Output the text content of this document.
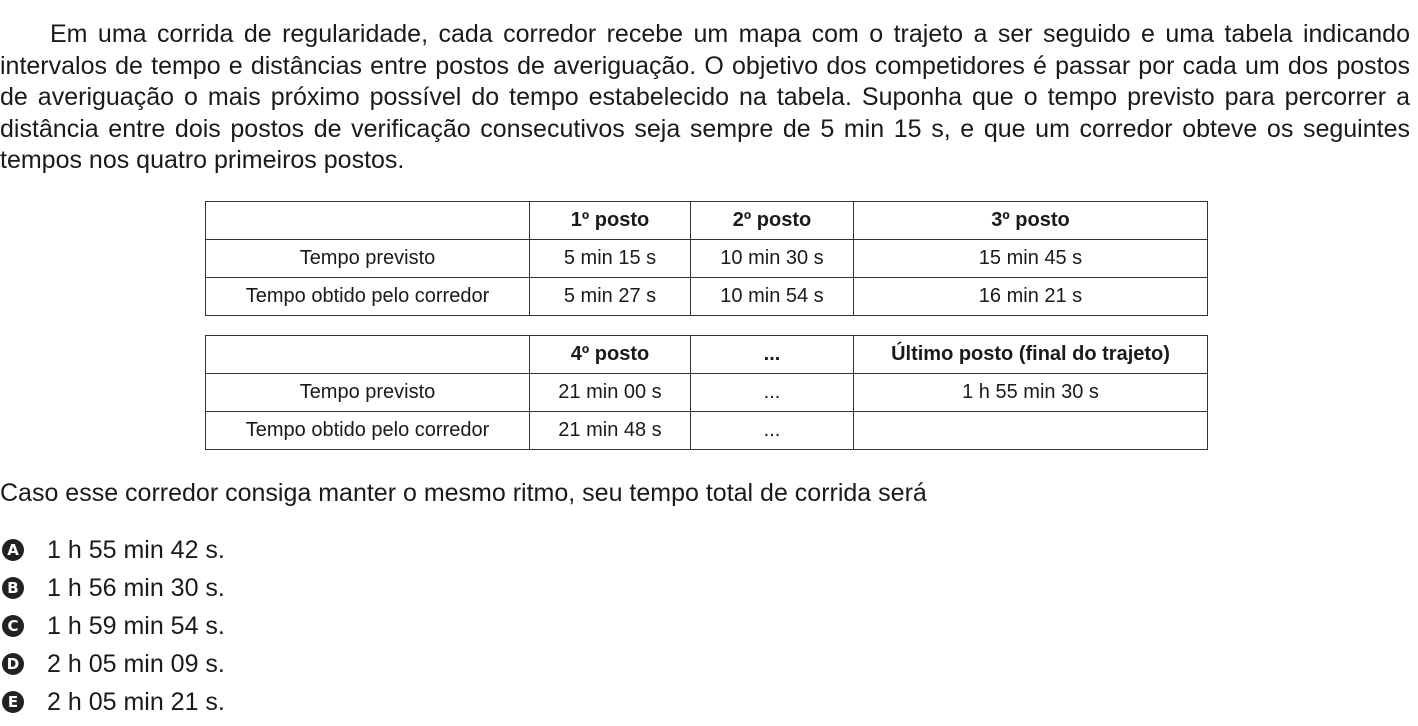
Em uma corrida de regularidade, cada corredor recebe um mapa com o trajeto a ser seguido e uma tabela indicando intervalos de tempo e distâncias entre postos de averiguação. O objetivo dos competidores é passar por cada um dos postos de averiguação o mais próximo possível do tempo estabelecido na tabela. Suponha que o tempo previsto para percorrer a distância entre dois postos de verificação consecutivos seja sempre de 5 min 15 s, e que um corredor obteve os seguintes tempos nos quatro primeiros postos.

	1º posto	2º posto	3º posto
Tempo previsto	5 min 15 s	10 min 30 s	15 min 45 s
Tempo obtido pelo corredor	5 min 27 s	10 min 54 s	16 min 21 s
	4º posto	...	Último posto (final do trajeto)
Tempo previsto	21 min 00 s	...	1 h 55 min 30 s
Tempo obtido pelo corredor	21 min 48 s	...	

Caso esse corredor consiga manter o mesmo ritmo, seu tempo total de corrida será

A 1 h 55 min 42 s.
B 1 h 56 min 30 s.
C 1 h 59 min 54 s.
D 2 h 05 min 09 s.
E 2 h 05 min 21 s.
